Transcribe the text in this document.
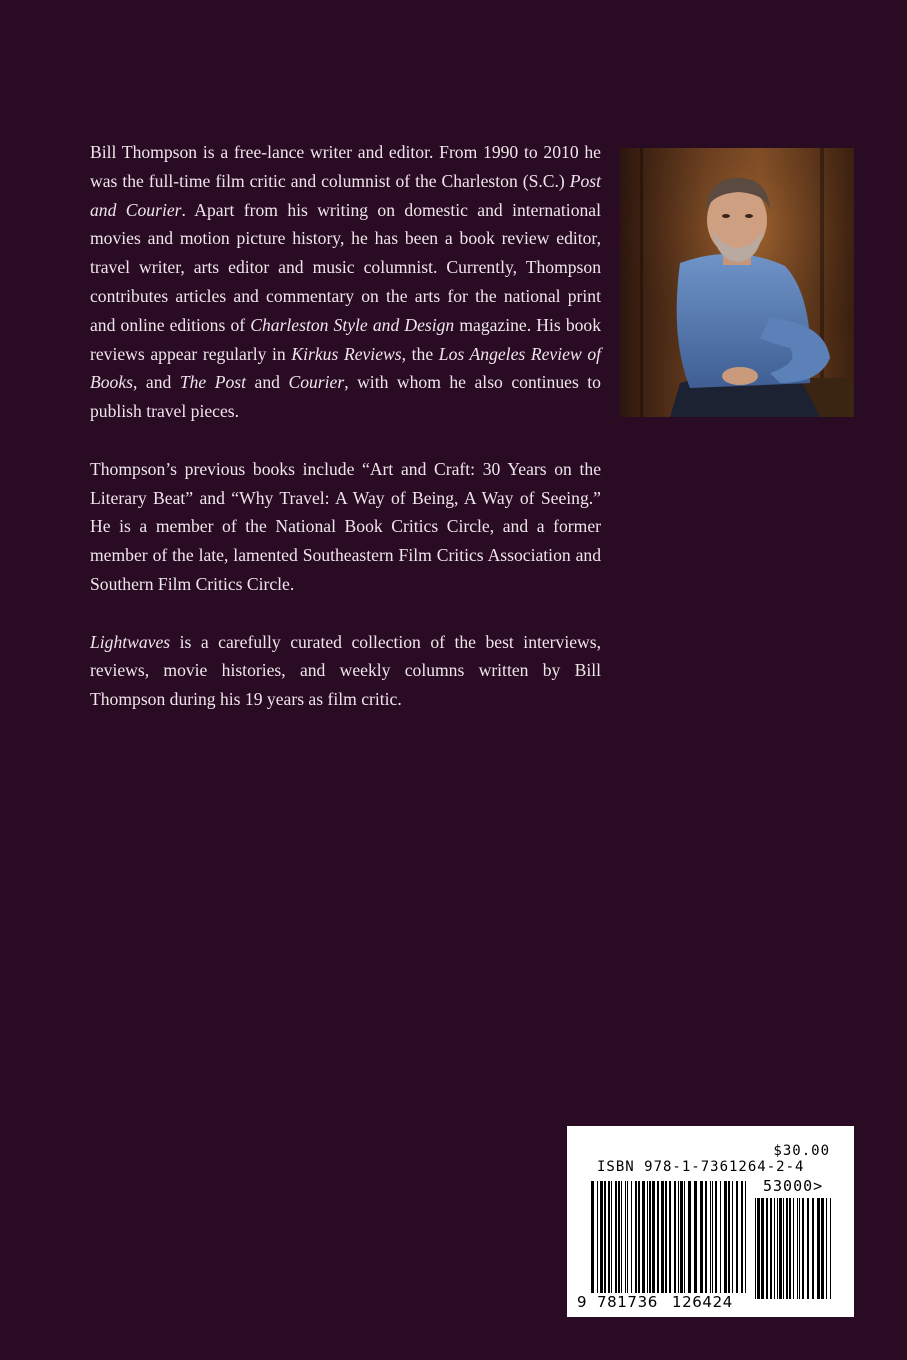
Bill Thompson is a free-lance writer and editor. From 1990 to 2010 he was the full-time film critic and columnist of the Charleston (S.C.) Post and Courier. Apart from his writing on domestic and international movies and motion picture history, he has been a book review editor, travel writer, arts editor and music columnist. Currently, Thompson contributes articles and commentary on the arts for the national print and online editions of Charleston Style and Design magazine. His book reviews appear regularly in Kirkus Reviews, the Los Angeles Review of Books, and The Post and Courier, with whom he also continues to publish travel pieces.

Thompson’s previous books include “Art and Craft: 30 Years on the Literary Beat” and “Why Travel: A Way of Being, A Way of Seeing.” He is a member of the National Book Critics Circle, and a former member of the late, lamented Southeastern Film Critics Association and Southern Film Critics Circle.

Lightwaves is a carefully curated collection of the best interviews, reviews, movie histories, and weekly columns written by Bill Thompson during his 19 years as film critic.

$30.00
ISBN 978-1-7361264-2-4
53000>
9 781736 126424
